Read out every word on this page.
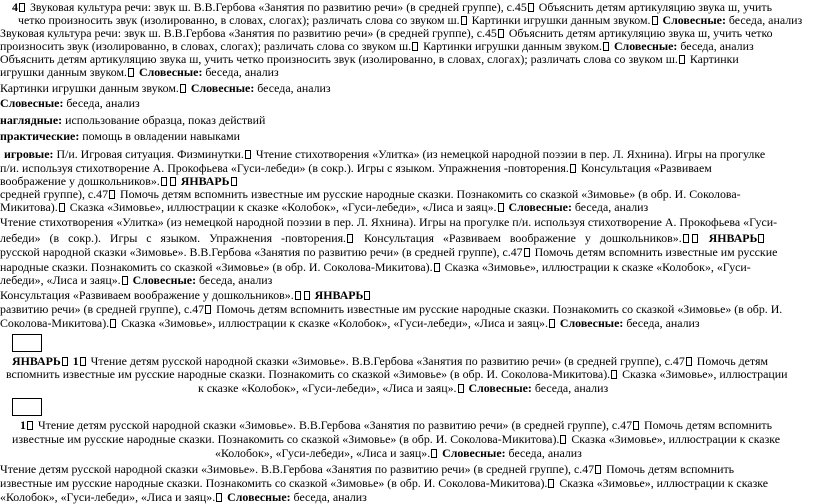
4 Звуковая культура речи: звук ш. В.В.Гербова «Занятия по развитию речи» (в средней группе), с.45 Объяснить детям артикуляцию звука ш, учить
четко произносить звук (изолированно, в словах, слогах); различать слова со звуком ш. Картинки игрушки данным звуком. Словесные: беседа, анализ
Звуковая культура речи: звук ш. В.В.Гербова «Занятия по развитию речи» (в средней группе), с.45 Объяснить детям артикуляцию звука ш, учить четко
произносить звук (изолированно, в словах, слогах); различать слова со звуком ш. Картинки игрушки данным звуком. Словесные: беседа, анализ
Объяснить детям артикуляцию звука ш, учить четко произносить звук (изолированно, в словах, слогах); различать слова со звуком ш. Картинки
игрушки данным звуком. Словесные: беседа, анализ
Картинки игрушки данным звуком. Словесные: беседа, анализ
Словесные: беседа, анализ
наглядные: использование образца, показ действий
практические: помощь в овладении навыками
игровые: П/и. Игровая ситуация. Физминутки. Чтение стихотворения «Улитка» (из немецкой народной поэзии в пер. Л. Яхнина). Игры на прогулке
п/и. используя стихотворение А. Прокофьева «Гуси-лебеди» (в сокр.). Игры с языком. Упражнения -повторения. Консультация «Развиваем
воображение у дошкольников». ЯНВАРЬ
средней группе), с.47 Помочь детям вспомнить известные им русские народные сказки. Познакомить со сказкой «Зимовье» (в обр. И. Соколова-
Микитова). Сказка «Зимовье», иллюстрации к сказке «Колобок», «Гуси-лебеди», «Лиса и заяц». Словесные: беседа, анализ
Чтение стихотворения «Улитка» (из немецкой народной поэзии в пер. Л. Яхнина). Игры на прогулке п/и. используя стихотворение А. Прокофьева «Гуси-
лебеди» (в сокр.). Игры с языком. Упражнения -повторения. Консультация «Развиваем воображение у дошкольников». ЯНВАРЬ
русской народной сказки «Зимовье». В.В.Гербова «Занятия по развитию речи» (в средней группе), с.47 Помочь детям вспомнить известные им русские
народные сказки. Познакомить со сказкой «Зимовье» (в обр. И. Соколова-Микитова). Сказка «Зимовье», иллюстрации к сказке «Колобок», «Гуси-
лебеди», «Лиса и заяц». Словесные: беседа, анализ
Консультация «Развиваем воображение у дошкольников». ЯНВАРЬ
развитию речи» (в средней группе), с.47 Помочь детям вспомнить известные им русские народные сказки. Познакомить со сказкой «Зимовье» (в обр. И.
Соколова-Микитова). Сказка «Зимовье», иллюстрации к сказке «Колобок», «Гуси-лебеди», «Лиса и заяц». Словесные: беседа, анализ
ЯНВАРЬ 1 Чтение детям русской народной сказки «Зимовье». В.В.Гербова «Занятия по развитию речи» (в средней группе), с.47 Помочь детям
вспомнить известные им русские народные сказки. Познакомить со сказкой «Зимовье» (в обр. И. Соколова-Микитова). Сказка «Зимовье», иллюстрации
к сказке «Колобок», «Гуси-лебеди», «Лиса и заяц». Словесные: беседа, анализ
1 Чтение детям русской народной сказки «Зимовье». В.В.Гербова «Занятия по развитию речи» (в средней группе), с.47 Помочь детям вспомнить
известные им русские народные сказки. Познакомить со сказкой «Зимовье» (в обр. И. Соколова-Микитова). Сказка «Зимовье», иллюстрации к сказке
«Колобок», «Гуси-лебеди», «Лиса и заяц». Словесные: беседа, анализ
Чтение детям русской народной сказки «Зимовье». В.В.Гербова «Занятия по развитию речи» (в средней группе), с.47 Помочь детям вспомнить
известные им русские народные сказки. Познакомить со сказкой «Зимовье» (в обр. И. Соколова-Микитова). Сказка «Зимовье», иллюстрации к сказке
«Колобок», «Гуси-лебеди», «Лиса и заяц». Словесные: беседа, анализ
